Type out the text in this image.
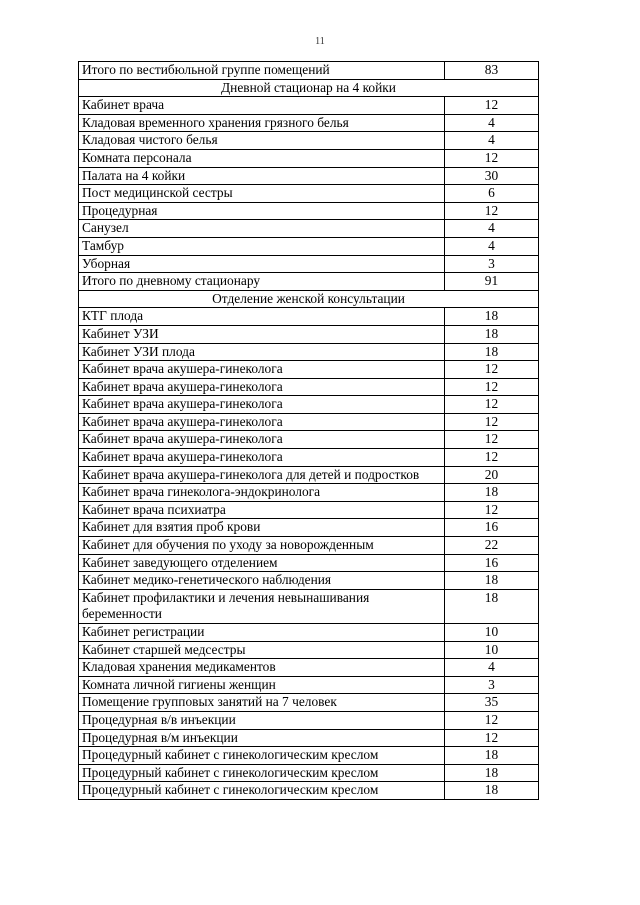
11
Итого по вестибюльной группе помещений	83
Дневной стационар на 4 койки	
Кабинет врача	12
Кладовая временного хранения грязного белья	4
Кладовая чистого белья	4
Комната персонала	12
Палата на 4 койки	30
Пост медицинской сестры	6
Процедурная	12
Санузел	4
Тамбур	4
Уборная	3
Итого по дневному стационару	91
Отделение женской консультации	
КТГ плода	18
Кабинет УЗИ	18
Кабинет УЗИ плода	18
Кабинет врача акушера-гинеколога	12
Кабинет врача акушера-гинеколога	12
Кабинет врача акушера-гинеколога	12
Кабинет врача акушера-гинеколога	12
Кабинет врача акушера-гинеколога	12
Кабинет врача акушера-гинеколога	12
Кабинет врача акушера-гинеколога для детей и подростков	20
Кабинет врача гинеколога-эндокринолога	18
Кабинет врача психиатра	12
Кабинет для взятия проб крови	16
Кабинет для обучения по уходу за новорожденным	22
Кабинет заведующего отделением	16
Кабинет медико-генетического наблюдения	18
Кабинет профилактики и лечения невынашивания беременности	18
Кабинет регистрации	10
Кабинет старшей медсестры	10
Кладовая хранения медикаментов	4
Комната личной гигиены женщин	3
Помещение групповых занятий на 7 человек	35
Процедурная в/в инъекции	12
Процедурная в/м инъекции	12
Процедурный кабинет с гинекологическим креслом	18
Процедурный кабинет с гинекологическим креслом	18
Процедурный кабинет с гинекологическим креслом	18
